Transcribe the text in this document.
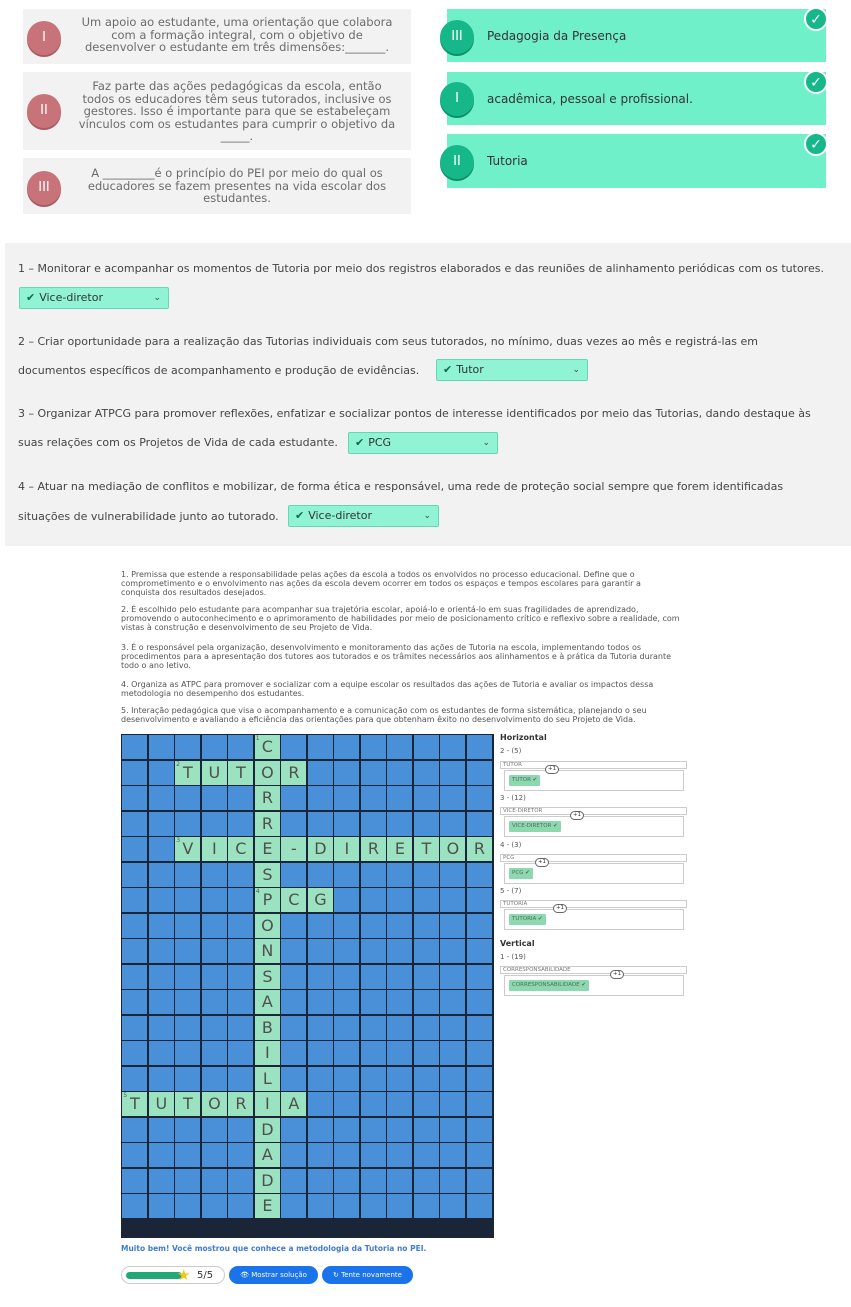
I
Um apoio ao estudante, uma orientação que colabora com a formação integral, com o objetivo de desenvolver o estudante em três dimensões:_______.
II
Faz parte das ações pedagógicas da escola, então todos os educadores têm seus tutorados, inclusive os gestores. Isso é importante para que se estabeleçam vínculos com os estudantes para cumprir o objetivo da _____.
III
A _________é o princípio do PEI por meio do qual os educadores se fazem presentes na vida escolar dos estudantes.
III	Pedagogia da Presença
✓
I	acadêmica, pessoal e profissional.
✓
II	Tutoria
✓
1 – Monitorar e acompanhar os momentos de Tutoria por meio dos registros elaborados e das reuniões de alinhamento periódicas com os tutores.
✔ Vice-diretor	⌄
2 – Criar oportunidade para a realização das Tutorias individuais com seus tutorados, no mínimo, duas vezes ao mês e registrá-las em
documentos específicos de acompanhamento e produção de evidências.	✔ Tutor	⌄
3 – Organizar ATPCG para promover reflexões, enfatizar e socializar pontos de interesse identificados por meio das Tutorias, dando destaque às
suas relações com os Projetos de Vida de cada estudante.	✔ PCG	⌄
4 – Atuar na mediação de conflitos e mobilizar, de forma ética e responsável, uma rede de proteção social sempre que forem identificadas
situações de vulnerabilidade junto ao tutorado.	✔ Vice-diretor	⌄
1. Premissa que estende a responsabilidade pelas ações da escola a todos os envolvidos no processo educacional. Define que o comprometimento e o envolvimento nas ações da escola devem ocorrer em todos os espaços e tempos escolares para garantir a conquista dos resultados desejados.
2. É escolhido pelo estudante para acompanhar sua trajetória escolar, apoiá-lo e orientá-lo em suas fragilidades de aprendizado, promovendo o autoconhecimento e o aprimoramento de habilidades por meio de posicionamento crítico e reflexivo sobre a realidade, com vistas à construção e desenvolvimento de seu Projeto de Vida.
3. É o responsável pela organização, desenvolvimento e monitoramento das ações de Tutoria na escola, implementando todos os procedimentos para a apresentação dos tutores aos tutorados e os trâmites necessários aos alinhamentos e à prática da Tutoria durante todo o ano letivo.
4. Organiza as ATPC para promover e socializar com a equipe escolar os resultados das ações de Tutoria e avaliar os impactos dessa metodologia no desempenho dos estudantes.
5. Interação pedagógica que visa o acompanhamento e a comunicação com os estudantes de forma sistemática, planejando o seu desenvolvimento e avaliando a eficiência das orientações para que obtenham êxito no desenvolvimento do seu Projeto de Vida.
C
1
T
2	U T O R
R
R
V
3	I	C E	-	D	I	R E	T O R
S
P
4	C G
O
N
S
A
B
I
L
T
5	U T O R	I	A
D
A
D
E
Horizontal
2 - (5)
TUTOR
TUTOR ✔
+1
3 - (12)
VICE-DIRETOR
VICE-DIRETOR ✔
+1
4 - (3)
PCG
PCG ✔
+1
5 - (7)
TUTORIA
TUTORIA ✔
+1
Vertical
1 - (19)
CORRESPONSABILIDADE
CORRESPONSABILIDADE ✔
+1
Muito bem! Você mostrou que conhece a metodologia da Tutoria no PEI.
★ 5/5	👁 Mostrar solução	↻ Tente novamente
